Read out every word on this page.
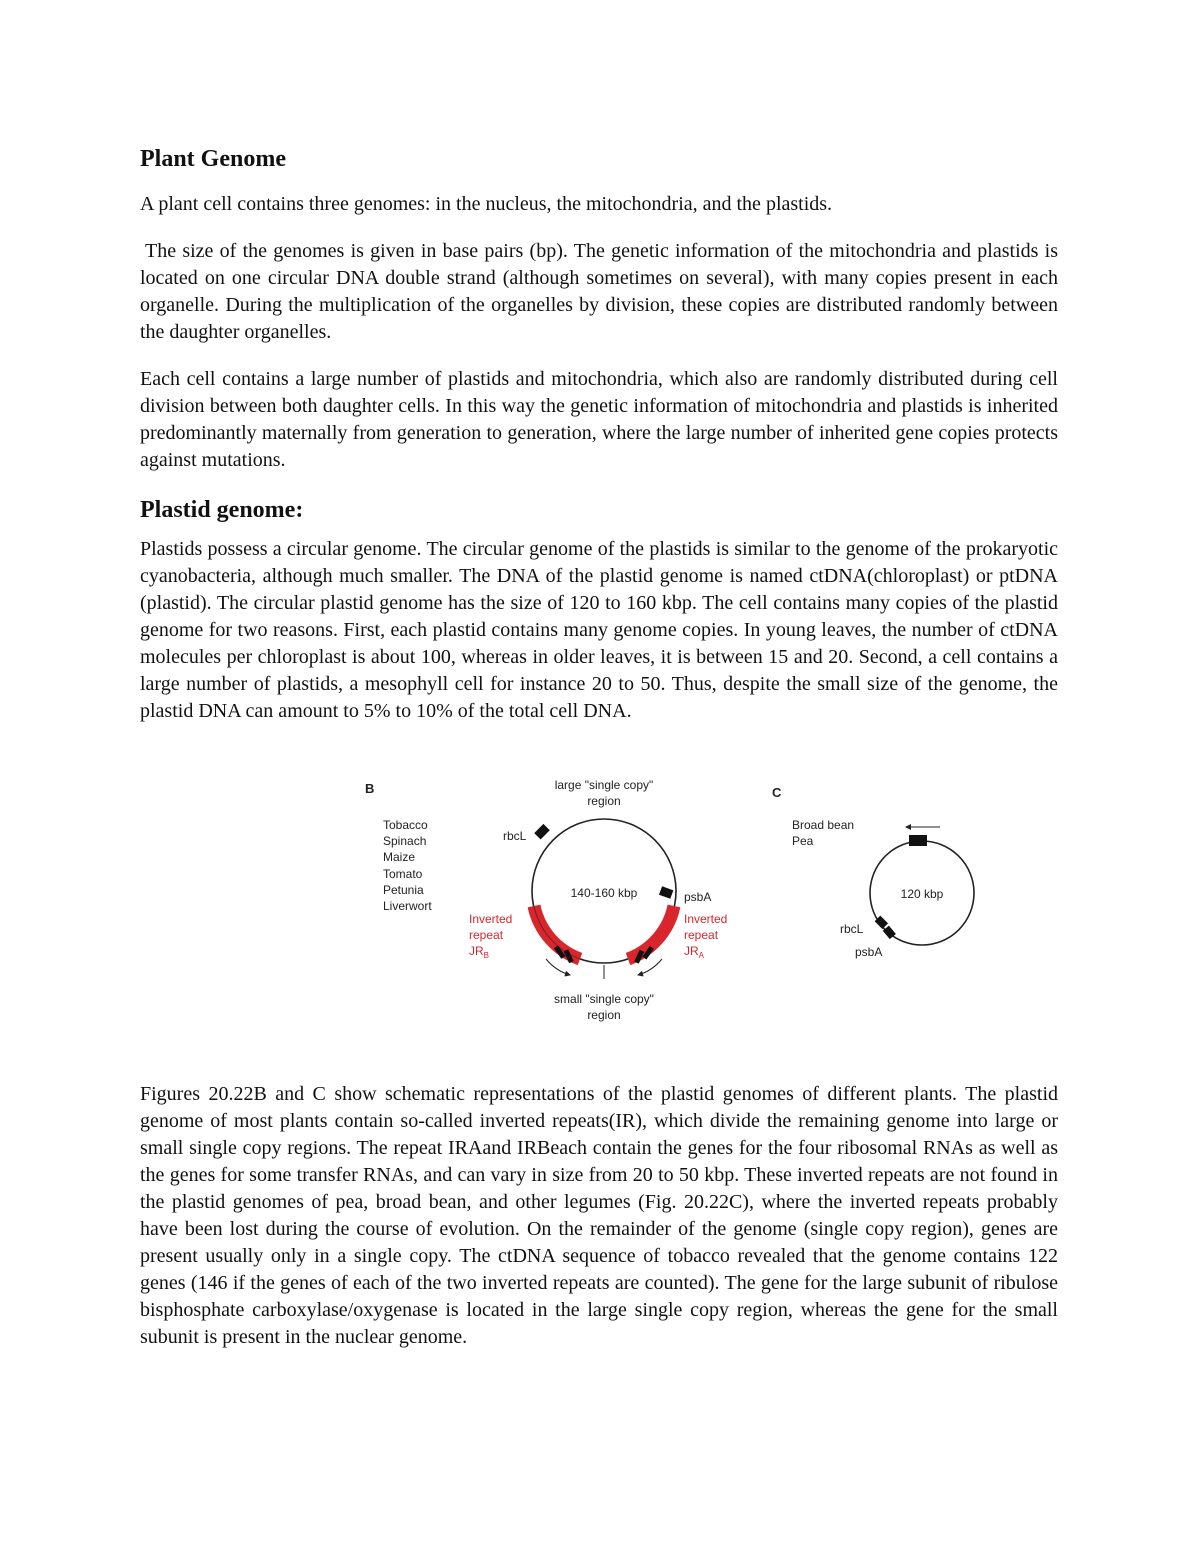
Plant Genome

A plant cell contains three genomes: in the nucleus, the mitochondria, and the plastids.

The size of the genomes is given in base pairs (bp). The genetic information of the mitochondria and plastids is located on one circular DNA double strand (although sometimes on several), with many copies present in each organelle. During the multiplication of the organelles by division, these copies are distributed randomly between the daughter organelles.

Each cell contains a large number of plastids and mitochondria, which also are randomly distributed during cell division between both daughter cells. In this way the genetic information of mitochondria and plastids is inherited predominantly maternally from generation to generation, where the large number of inherited gene copies protects against mutations.

Plastid genome:

Plastids possess a circular genome. The circular genome of the plastids is similar to the genome of the prokaryotic cyanobacteria, although much smaller. The DNA of the plastid genome is named ctDNA(chloroplast) or ptDNA (plastid). The circular plastid genome has the size of 120 to 160 kbp. The cell contains many copies of the plastid genome for two reasons. First, each plastid contains many genome copies. In young leaves, the number of ctDNA molecules per chloroplast is about 100, whereas in older leaves, it is between 15 and 20. Second, a cell contains a large number of plastids, a mesophyll cell for instance 20 to 50. Thus, despite the small size of the genome, the plastid DNA can amount to 5% to 10% of the total cell DNA.

B
Tobacco
Spinach
Maize
Tomato
Petunia
Liverwort
large "single copy"
region
rbcL
psbA
140-160 kbp
Inverted
repeat
$JR_B$
Inverted
repeat
$JR_A$
small "single copy"
region
C
Broad bean
Pea
120 kbp
rbcL
psbA

Figures 20.22B and C show schematic representations of the plastid genomes of different plants. The plastid genome of most plants contain so-called inverted repeats(IR), which divide the remaining genome into large or small single copy regions. The repeat IRAand IRBeach contain the genes for the four ribosomal RNAs as well as the genes for some transfer RNAs, and can vary in size from 20 to 50 kbp. These inverted repeats are not found in the plastid genomes of pea, broad bean, and other legumes (Fig. 20.22C), where the inverted repeats probably have been lost during the course of evolution. On the remainder of the genome (single copy region), genes are present usually only in a single copy. The ctDNA sequence of tobacco revealed that the genome contains 122 genes (146 if the genes of each of the two inverted repeats are counted). The gene for the large subunit of ribulose bisphosphate carboxylase/oxygenase is located in the large single copy region, whereas the gene for the small subunit is present in the nuclear genome.
